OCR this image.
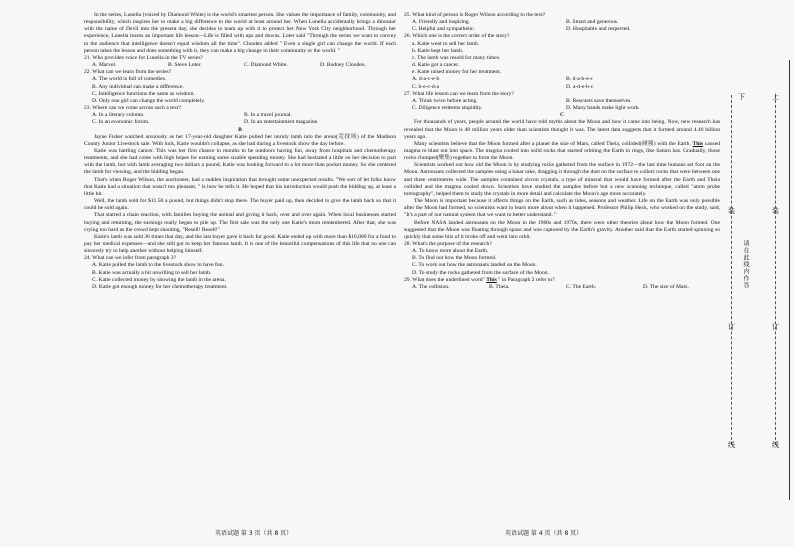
In the series, Lunella (voiced by Diamond White) is the world's smartest person. She values the importance of family, community, and responsibility, which inspires her to make a big difference to the world at least around her. When Lunella accidentally brings a dinosaur with the name of Devil into the present day, she decides to team up with it to protect her New York City neighborhood. Through her experience, Lunella learns an important life lesson—Life is filled with ups and downs. Loter said "Through the series we want to convey to the audience that intelligence doesn't equal wisdom all the time". Clouden added " Even a single girl can change the world. If each person takes the lesson and does something with it, they can make a big change in their community or the world. "

21. Who provides voice for Lunella in the TV series?
A. Marvel.	B. Steve Loter.	C. Diamond White.	D. Rodney Clouden.
22. What can we learn from the series?
A. The world is full of comedies.
B. Any individual can make a difference.
C. Intelligence functions the same as wisdom.
D. Only one girl can change the world completely.
23. Where can we come across such a text?
A. In a literary column.	B. In a travel journal.
C. In an economic forum.	D. In an entertainment magazine.
B

Jayne Fisher watched anxiously as her 17-year-old daughter Katie pulled her unruly lamb into the arena(竞技场) of the Madison County Junior Livestock sale. With luck, Katie wouldn't collapse, as she had during a livestock show the day before.

Katie was battling cancer. This was her first chance in months to be outdoors having fun, away from hospitals and chemotherapy treatments, and she had come with high hopes for earning some sizable spending money. She had hesitated a little on her decision to part with the lamb, but with lamb averaging two dollars a pound, Katie was looking forward to a lot more than pocket money. So she centered the lamb for viewing, and the bidding began.

That's when Roger Wilson, the auctioneer, had a sudden inspiration that brought some unexpected results. "We sort of let folks know that Katie had a situation that wasn't too pleasant, " is how he tells it. He hoped that his introduction would push the bidding up, at least a little bit.

Well, the lamb sold for $11.50 a pound, but things didn't stop there. The buyer paid up, then decided to give the lamb back so that it could be sold again.

That started a chain reaction, with families buying the animal and giving it back, over and over again. When local businesses started buying and returning, the earnings really began to pile up. The first sale was the only one Katie's mom remembered. After that, she was crying too hard as the crowd kept shouting, "Resell! Resell!"

Katie's lamb was sold 36 times that day, and the last buyer gave it back for good. Katie ended up with more than $16,000 for a fund to pay her medical expenses—and she still got to keep her famous lamb. It is one of the beautiful compensations of this life that no one can sincerely try to help another without helping himself.

24. What can we infer from paragraph 2?
A. Katie pulled the lamb to the livestock show to have fun.
B. Katie was actually a bit unwilling to sell her lamb.
C. Katie collected money by showing the lamb in the arena.
D. Katie got enough money for her chemotherapy treatment.
25. What kind of person is Roger Wilson according to the text?
A. Friendly and inspiring.	B. Smart and generous.
C. Helpful and sympathetic.	D. Hospitable and respected.
26. Which one is the correct order of the story?
a. Katie went to sell her lamb.
b. Katie kept her lamb.
c. The lamb was resold for many times.
d. Katie got a cancer.
e. Katie raised money for her treatment.
A. d-a-c-e-b	B. d-a-b-e-c
C. b-e-c-d-a	D. a-d-e-b-c
27. What life lesson can we learn from the story?
A. Think twice before acting.	B. Rescuers save themselves.
C. Diligence redeems stupidity.	D. Many hands make light work.
C

For thousands of years, people around the world have told myths about the Moon and how it came into being. Now, new research has revealed that the Moon is 40 million years older than scientists thought it was. The latest data suggests that it formed around 4.46 billion years ago.

Many scientists believe that the Moon formed after a planet the size of Mars, called Theia, collided(碰撞) with the Earth. This caused magma to blast out into space. The magma cooled into solid rocks that started orbiting the Earth in rings, like Saturn has. Gradually, those rocks clumped(聚集) together to form the Moon.

Scientists worked out how old the Moon is by studying rocks gathered from the surface in 1972—the last time humans set foot on the Moon. Astronauts collected the samples using a lunar rake, dragging it through the dust on the surface to collect rocks that were between one and three centimetres wide. The samples contained zircon crystals, a type of mineral that would have formed after the Earth and Theia collided and the magma cooled down. Scientists have studied the samples before but a new scanning technique, called "atom probe tomography", helped them to study the crystals in more detail and calculate the Moon's age more accurately.

The Moon is important because it affects things on the Earth, such as tides, seasons and weather. Life on the Earth was only possible after the Moon had formed, so scientists want to learn more about when it happened. Professor Philip Heck, who worked on the study, said, "It's a part of our natural system that we want to better understand. "

Before NASA landed astronauts on the Moon in the 1960s and 1970s, there were other theories about how the Moon formed. One suggested that the Moon was floating through space and was captured by the Earth's gravity. Another said that the Earth started spinning so quickly that some bits of it broke off and went into orbit.

28. What's the purpose of the research?
A. To know more about the Earth.
B. To find out how the Moon formed.
C. To work out how the astronauts landed on the Moon.
D. To study the rocks gathered from the surface of the Moon.
29. What does the underlined word" This " in Paragraph 2 refer to?
A. The collision.	B. Theia.	C. The Earth.	D. The size of Mars.
英语试题 第 3 页（共 8 页）	英语试题 第 4 页（共 8 页）
下	上
装	装
请在此线内作答
订	订
线	线
